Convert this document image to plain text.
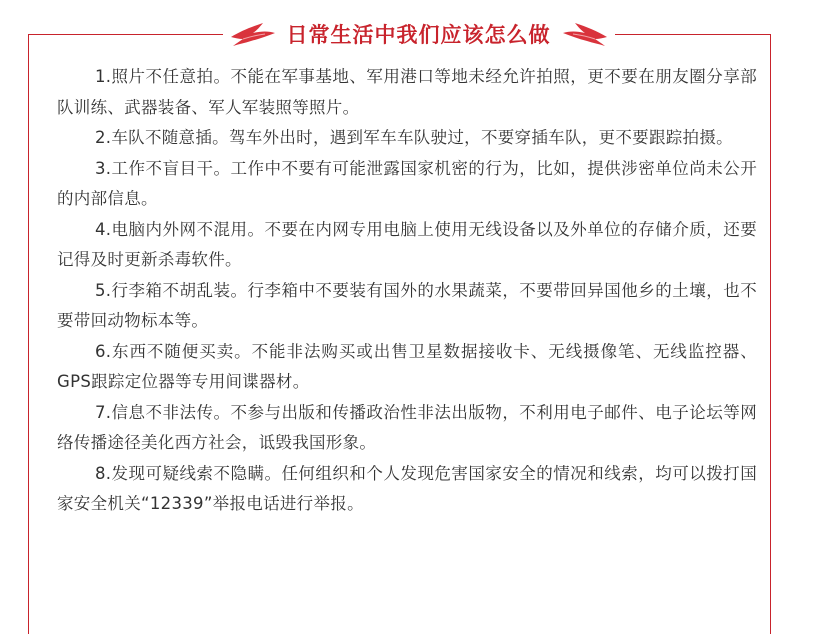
日常生活中我们应该怎么做

1.照片不任意拍。不能在军事基地、军用港口等地未经允许拍照，更不要在朋友圈分享部队训练、武器装备、军人军装照等照片。

2.车队不随意插。驾车外出时，遇到军车车队驶过，不要穿插车队，更不要跟踪拍摄。

3.工作不盲目干。工作中不要有可能泄露国家机密的行为，比如，提供涉密单位尚未公开的内部信息。

4.电脑内外网不混用。不要在内网专用电脑上使用无线设备以及外单位的存储介质，还要记得及时更新杀毒软件。

5.行李箱不胡乱装。行李箱中不要装有国外的水果蔬菜，不要带回异国他乡的土壤，也不要带回动物标本等。

6.东西不随便买卖。不能非法购买或出售卫星数据接收卡、无线摄像笔、无线监控器、GPS跟踪定位器等专用间谍器材。

7.信息不非法传。不参与出版和传播政治性非法出版物，不利用电子邮件、电子论坛等网络传播途径美化西方社会，诋毁我国形象。

8.发现可疑线索不隐瞒。任何组织和个人发现危害国家安全的情况和线索，均可以拨打国家安全机关“12339”举报电话进行举报。
